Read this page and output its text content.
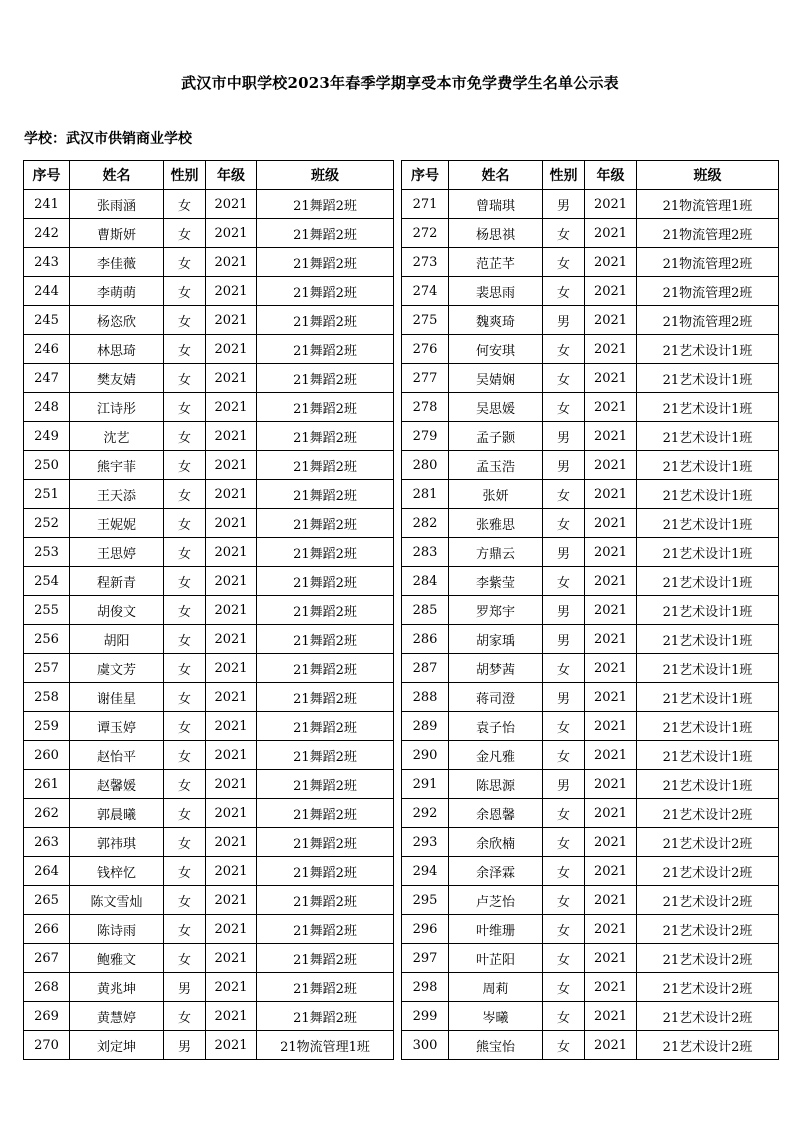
武汉市中职学校2023年春季学期享受本市免学费学生名单公示表
学校：武汉市供销商业学校
序号	姓名	性别	年级	班级
241	张雨涵	女	2021	21舞蹈2班
242	曹斯妍	女	2021	21舞蹈2班
243	李佳薇	女	2021	21舞蹈2班
244	李萌萌	女	2021	21舞蹈2班
245	杨恣欣	女	2021	21舞蹈2班
246	林思琦	女	2021	21舞蹈2班
247	樊友婧	女	2021	21舞蹈2班
248	江诗彤	女	2021	21舞蹈2班
249	沈艺	女	2021	21舞蹈2班
250	熊宇菲	女	2021	21舞蹈2班
251	王天添	女	2021	21舞蹈2班
252	王妮妮	女	2021	21舞蹈2班
253	王思婷	女	2021	21舞蹈2班
254	程新青	女	2021	21舞蹈2班
255	胡俊文	女	2021	21舞蹈2班
256	胡阳	女	2021	21舞蹈2班
257	虞文芳	女	2021	21舞蹈2班
258	谢佳星	女	2021	21舞蹈2班
259	谭玉婷	女	2021	21舞蹈2班
260	赵怡平	女	2021	21舞蹈2班
261	赵馨媛	女	2021	21舞蹈2班
262	郭晨曦	女	2021	21舞蹈2班
263	郭祎琪	女	2021	21舞蹈2班
264	钱梓忆	女	2021	21舞蹈2班
265	陈文雪灿	女	2021	21舞蹈2班
266	陈诗雨	女	2021	21舞蹈2班
267	鲍雅文	女	2021	21舞蹈2班
268	黄兆坤	男	2021	21舞蹈2班
269	黄慧婷	女	2021	21舞蹈2班
270	刘定坤	男	2021	21物流管理1班
序号	姓名	性别	年级	班级
271	曾瑞琪	男	2021	21物流管理1班
272	杨思祺	女	2021	21物流管理2班
273	范芷芊	女	2021	21物流管理2班
274	裴思雨	女	2021	21物流管理2班
275	魏爽琦	男	2021	21物流管理2班
276	何安琪	女	2021	21艺术设计1班
277	吴婧娴	女	2021	21艺术设计1班
278	吴思媛	女	2021	21艺术设计1班
279	孟子颢	男	2021	21艺术设计1班
280	孟玉浩	男	2021	21艺术设计1班
281	张妍	女	2021	21艺术设计1班
282	张雅思	女	2021	21艺术设计1班
283	方鼎云	男	2021	21艺术设计1班
284	李紫莹	女	2021	21艺术设计1班
285	罗郑宇	男	2021	21艺术设计1班
286	胡家瑀	男	2021	21艺术设计1班
287	胡梦茜	女	2021	21艺术设计1班
288	蒋司澄	男	2021	21艺术设计1班
289	袁子怡	女	2021	21艺术设计1班
290	金凡雅	女	2021	21艺术设计1班
291	陈思源	男	2021	21艺术设计1班
292	余恩馨	女	2021	21艺术设计2班
293	余欣楠	女	2021	21艺术设计2班
294	余泽霖	女	2021	21艺术设计2班
295	卢芝怡	女	2021	21艺术设计2班
296	叶维珊	女	2021	21艺术设计2班
297	叶芷阳	女	2021	21艺术设计2班
298	周莉	女	2021	21艺术设计2班
299	岑曦	女	2021	21艺术设计2班
300	熊宝怡	女	2021	21艺术设计2班
